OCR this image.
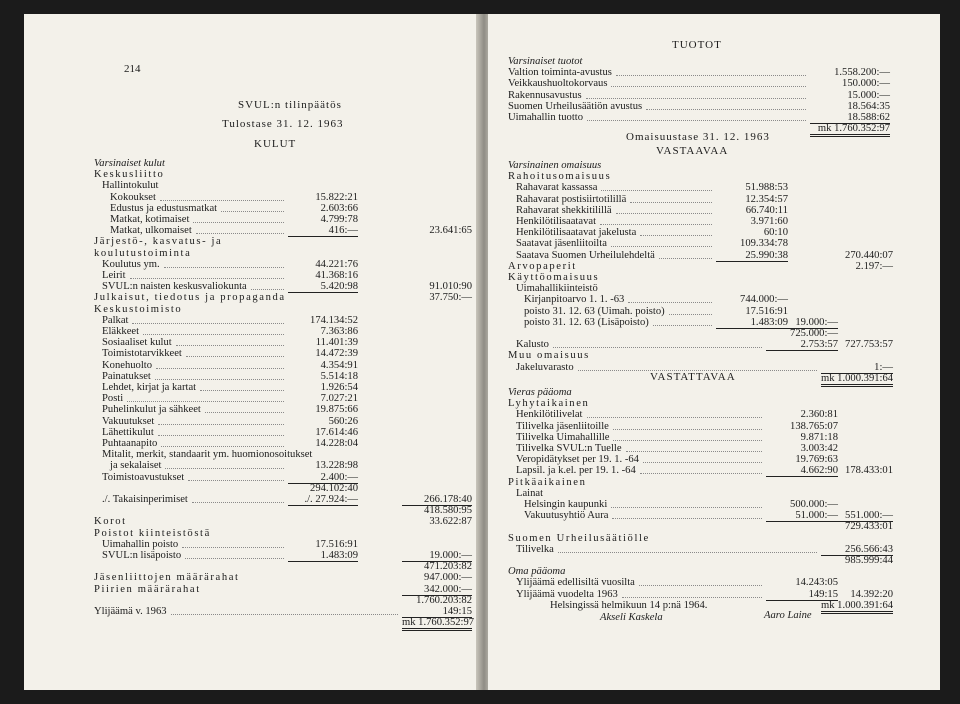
214
SVUL:n tilinpäätös
Tulostase 31. 12. 1963
KULUT
Varsinaiset kulut
Keskusliitto
Hallintokulut
Kokoukset	15.822:21
Edustus ja edustusmatkat	2.603:66
Matkat, kotimaiset	4.799:78
Matkat, ulkomaiset	416:—	23.641:65
Järjestö-, kasvatus- ja
koulutustoiminta
Koulutus ym.	44.221:76
Leirit	41.368:16
SVUL:n naisten keskusvaliokunta	5.420:98	91.010:90
Julkaisut, tiedotus ja propaganda	37.750:—
Keskustoimisto
Palkat	174.134:52
Eläkkeet	7.363:86
Sosiaaliset kulut	11.401:39
Toimistotarvikkeet	14.472:39
Konehuolto	4.354:91
Painatukset	5.514:18
Lehdet, kirjat ja kartat	1.926:54
Posti	7.027:21
Puhelinkulut ja sähkeet	19.875:66
Vakuutukset	560:26
Lähettikulut	17.614:46
Puhtaanapito	14.228:04
Mitalit, merkit, standaarit ym. huomionosoitukset
ja sekalaiset	13.228:98
Toimistoavustukset	2.400:—
294.102:40
./. Takaisinperimiset	./. 27.924:—	266.178:40
418.580:95
Korot	33.622:87
Poistot kiinteistöstä
Uimahallin poisto	17.516:91
SVUL:n lisäpoisto	1.483:09	19.000:—
471.203:82
Jäsenliittojen määrärahat	947.000:—
Piirien määrärahat	342.000:—
1.760.203:82
Ylijäämä v. 1963	149:15
mk 1.760.352:97
TUOTOT
Varsinaiset tuotot
Valtion toiminta-avustus	1.558.200:—
Veikkaushuoltokorvaus	150.000:—
Rakennusavustus	15.000:—
Suomen Urheilusäätiön avustus	18.564:35
Uimahallin tuotto	18.588:62
mk 1.760.352:97
Omaisuustase 31. 12. 1963
VASTAAVAA
Varsinainen omaisuus
Rahoitusomaisuus
Rahavarat kassassa	51.988:53
Rahavarat postisiirtotilillä	12.354:57
Rahavarat shekkitilillä	66.740:11
Henkilötilisaatavat	3.971:60
Henkilötilisaatavat jakelusta	60:10
Saatavat jäsenliitoilta	109.334:78
Saatava Suomen Urheilulehdeltä	25.990:38	270.440:07
Arvopaperit	2.197:—
Käyttöomaisuus
Uimahallikiinteistö
Kirjanpitoarvo 1. 1. -63	744.000:—
poisto 31. 12. 63 (Uimah. poisto)	17.516:91
poisto 31. 12. 63 (Lisäpoisto)	1.483:09 19.000:—
725.000:—
Kalusto	2.753:57 727.753:57
Muu omaisuus
Jakeluvarasto	1:—
mk 1.000.391:64
VASTATTAVAA
Vieras pääoma
Lyhytaikainen
Henkilötilivelat	2.360:81
Tilivelka jäsenliitoille	138.765:07
Tilivelka Uimahallille	9.871:18
Tilivelka SVUL:n Tuelle	3.003:42
Veropidätykset per 19. 1. -64	19.769:63
Lapsil. ja k.el. per 19. 1. -64	4.662:90 178.433:01
Pitkäaikainen
Lainat
Helsingin kaupunki	500.000:—
Vakuutusyhtiö Aura	51.000:— 551.000:—
729.433:01
Suomen Urheilusäätiölle
Tilivelka	256.566:43
985.999:44
Oma pääoma
Ylijäämä edellisiltä vuosilta	14.243:05
Ylijäämä vuodelta 1963	149:15	14.392:20
mk 1.000.391:64
Helsingissä helmikuun 14 p:nä 1964.
Akseli Kaskela	Aaro Laine
